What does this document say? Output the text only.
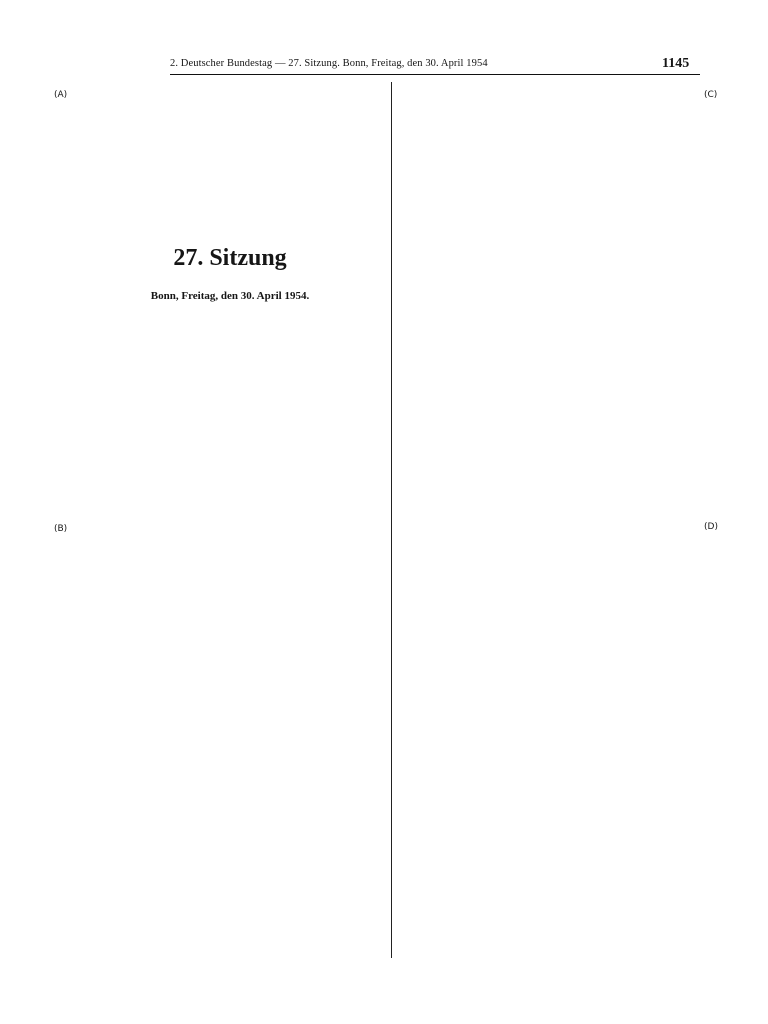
2. Deutscher Bundestag — 27. Sitzung. Bonn, Freitag, den 30. April 1954	1145
(A)
(B)
(C)
(D)
27. Sitzung
Bonn, Freitag, den 30. April 1954.
